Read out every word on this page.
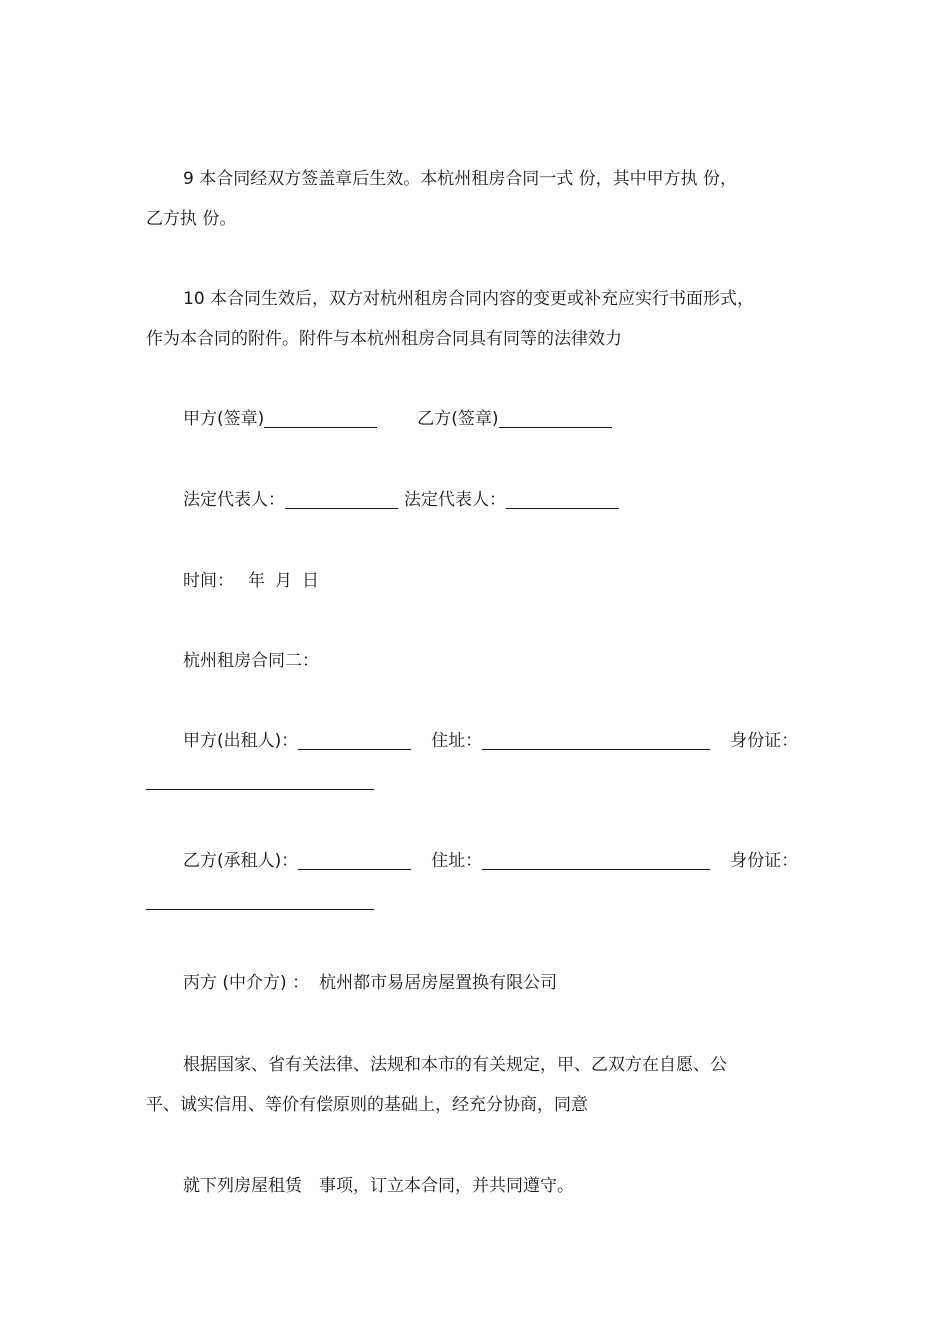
9 本合同经双方签盖章后生效。本杭州租房合同一式 份，其中甲方执 份，
乙方执 份。
10 本合同生效后，双方对杭州租房合同内容的变更或补充应实行书面形式，
作为本合同的附件。附件与本杭州租房合同具有同等的法律效力
甲方(签章)	乙方(签章)
法定代表人：	法定代表人：
时间： 年 月 日
杭州租房合同二：
甲方(出租人)：	住址：	身份证：
乙方(承租人)：	住址：	身份证：
丙方 (中介方) ： 杭州都市易居房屋置换有限公司
根据国家、省有关法律、法规和本市的有关规定，甲、乙双方在自愿、公
平、诚实信用、等价有偿原则的基础上，经充分协商，同意
就下列房屋租赁　事项，订立本合同，并共同遵守。
